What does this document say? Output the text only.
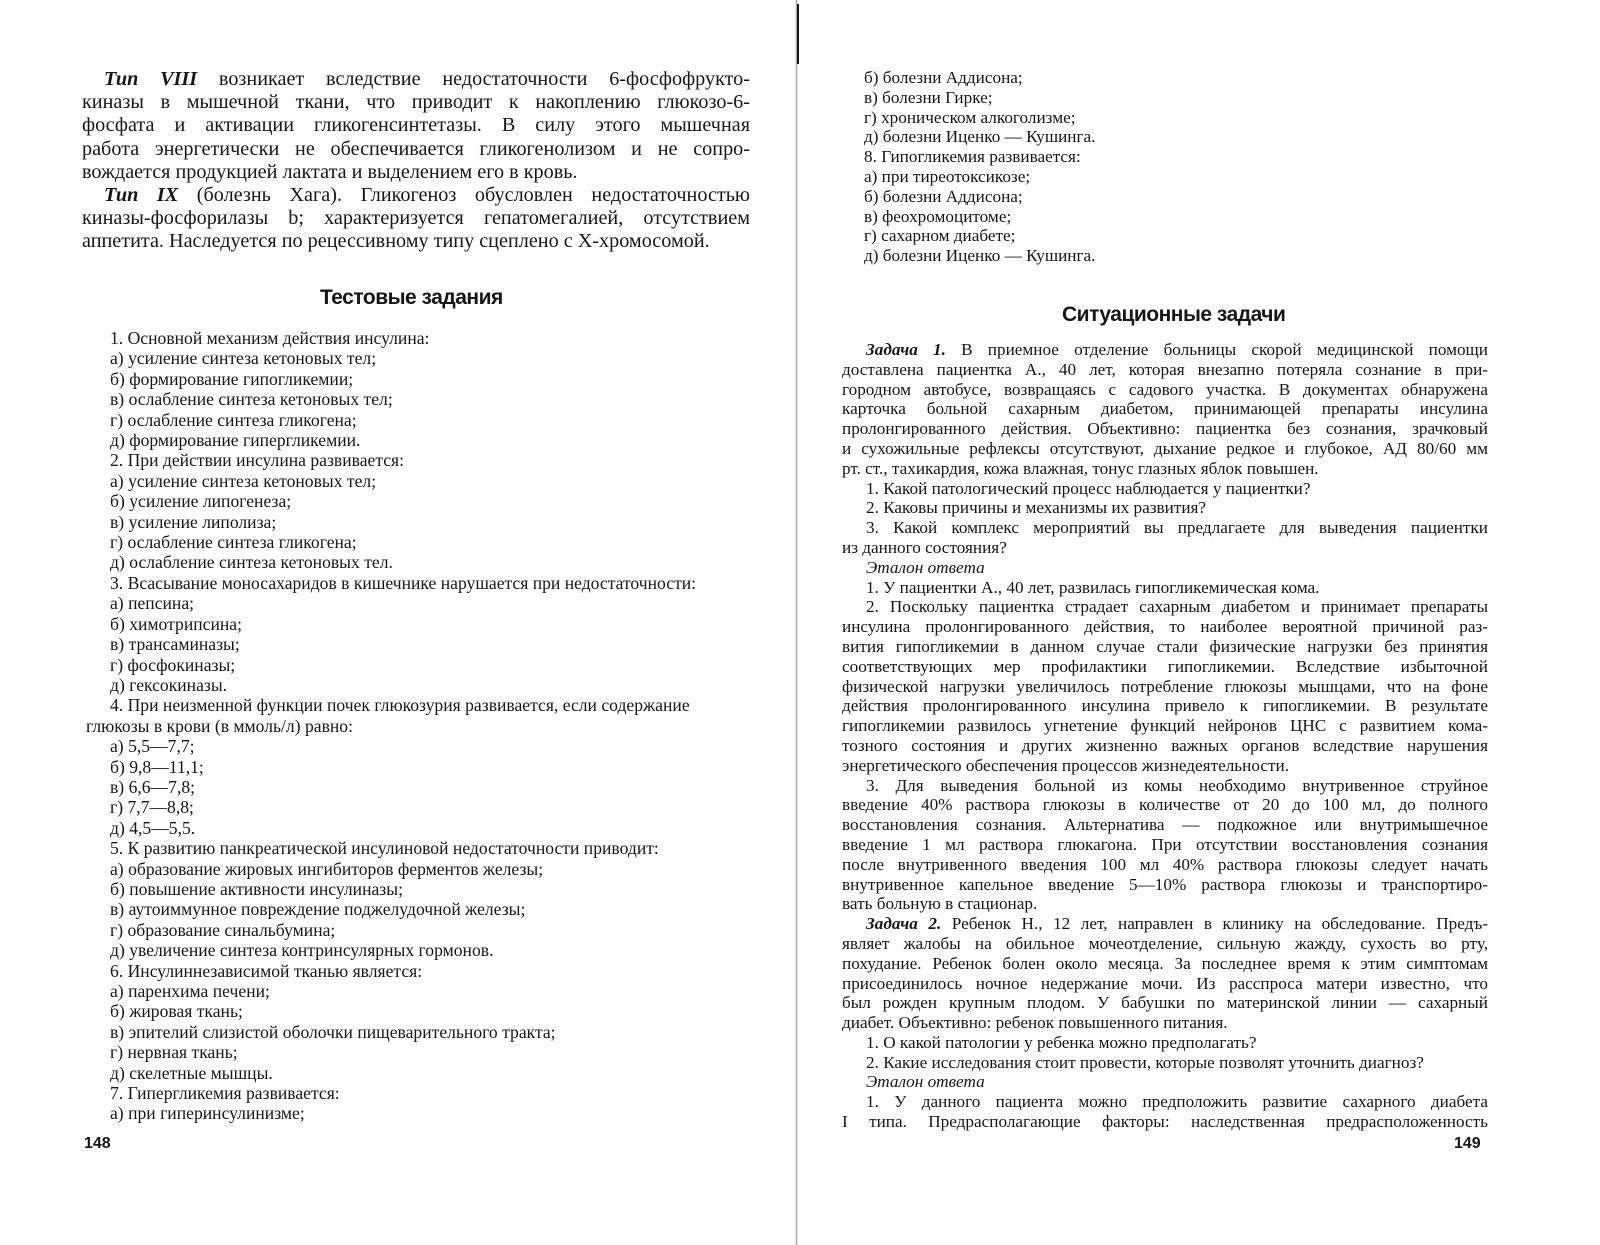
Тип VIII возникает вследствие недостаточности 6-фосфофрукто-
киназы в мышечной ткани, что приводит к накоплению глюкозо-6-
фосфата и активации гликогенсинтетазы. В силу этого мышечная
работа энергетически не обеспечивается гликогенолизом и не сопро-
вождается продукцией лактата и выделением его в кровь.
Тип IX (болезнь Хага). Гликогеноз обусловлен недостаточностью
киназы-фосфорилазы b; характеризуется гепатомегалией, отсутствием
аппетита. Наследуется по рецессивному типу сцеплено с X-хромосомой.
Тестовые задания
1. Основной механизм действия инсулина:
а) усиление синтеза кетоновых тел;
б) формирование гипогликемии;
в) ослабление синтеза кетоновых тел;
г) ослабление синтеза гликогена;
д) формирование гипергликемии.
2. При действии инсулина развивается:
а) усиление синтеза кетоновых тел;
б) усиление липогенеза;
в) усиление липолиза;
г) ослабление синтеза гликогена;
д) ослабление синтеза кетоновых тел.
3. Всасывание моносахаридов в кишечнике нарушается при недостаточности:
а) пепсина;
б) химотрипсина;
в) трансаминазы;
г) фосфокиназы;
д) гексокиназы.
4. При неизменной функции почек глюкозурия развивается, если содержание
глюкозы в крови (в ммоль/л) равно:
а) 5,5—7,7;
б) 9,8—11,1;
в) 6,6—7,8;
г) 7,7—8,8;
д) 4,5—5,5.
5. К развитию панкреатической инсулиновой недостаточности приводит:
а) образование жировых ингибиторов ферментов железы;
б) повышение активности инсулиназы;
в) аутоиммунное повреждение поджелудочной железы;
г) образование синальбумина;
д) увеличение синтеза контринсулярных гормонов.
6. Инсулиннезависимой тканью является:
а) паренхима печени;
б) жировая ткань;
в) эпителий слизистой оболочки пищеварительного тракта;
г) нервная ткань;
д) скелетные мышцы.
7. Гипергликемия развивается:
а) при гиперинсулинизме;
148
б) болезни Аддисона;
в) болезни Гирке;
г) хроническом алкоголизме;
д) болезни Иценко — Кушинга.
8. Гипогликемия развивается:
а) при тиреотоксикозе;
б) болезни Аддисона;
в) феохромоцитоме;
г) сахарном диабете;
д) болезни Иценко — Кушинга.
Ситуационные задачи
Задача 1. В приемное отделение больницы скорой медицинской помощи
доставлена пациентка А., 40 лет, которая внезапно потеряла сознание в при-
городном автобусе, возвращаясь с садового участка. В документах обнаружена
карточка больной сахарным диабетом, принимающей препараты инсулина
пролонгированного действия. Объективно: пациентка без сознания, зрачковый
и сухожильные рефлексы отсутствуют, дыхание редкое и глубокое, АД 80/60 мм
рт. ст., тахикардия, кожа влажная, тонус глазных яблок повышен.
1. Какой патологический процесс наблюдается у пациентки?
2. Каковы причины и механизмы их развития?
3. Какой комплекс мероприятий вы предлагаете для выведения пациентки
из данного состояния?
Эталон ответа
1. У пациентки А., 40 лет, развилась гипогликемическая кома.
2. Поскольку пациентка страдает сахарным диабетом и принимает препараты
инсулина пролонгированного действия, то наиболее вероятной причиной раз-
вития гипогликемии в данном случае стали физические нагрузки без принятия
соответствующих мер профилактики гипогликемии. Вследствие избыточной
физической нагрузки увеличилось потребление глюкозы мышцами, что на фоне
действия пролонгированного инсулина привело к гипогликемии. В результате
гипогликемии развилось угнетение функций нейронов ЦНС с развитием кома-
тозного состояния и других жизненно важных органов вследствие нарушения
энергетического обеспечения процессов жизнедеятельности.
3. Для выведения больной из комы необходимо внутривенное струйное
введение 40% раствора глюкозы в количестве от 20 до 100 мл, до полного
восстановления сознания. Альтернатива — подкожное или внутримышечное
введение 1 мл раствора глюкагона. При отсутствии восстановления сознания
после внутривенного введения 100 мл 40% раствора глюкозы следует начать
внутривенное капельное введение 5—10% раствора глюкозы и транспортиро-
вать больную в стационар.
Задача 2. Ребенок Н., 12 лет, направлен в клинику на обследование. Предъ-
являет жалобы на обильное мочеотделение, сильную жажду, сухость во рту,
похудание. Ребенок болен около месяца. За последнее время к этим симптомам
присоединилось ночное недержание мочи. Из расспроса матери известно, что
был рожден крупным плодом. У бабушки по материнской линии — сахарный
диабет. Объективно: ребенок повышенного питания.
1. О какой патологии у ребенка можно предполагать?
2. Какие исследования стоит провести, которые позволят уточнить диагноз?
Эталон ответа
1. У данного пациента можно предположить развитие сахарного диабета
I типа. Предрасполагающие факторы: наследственная предрасположенность
149
